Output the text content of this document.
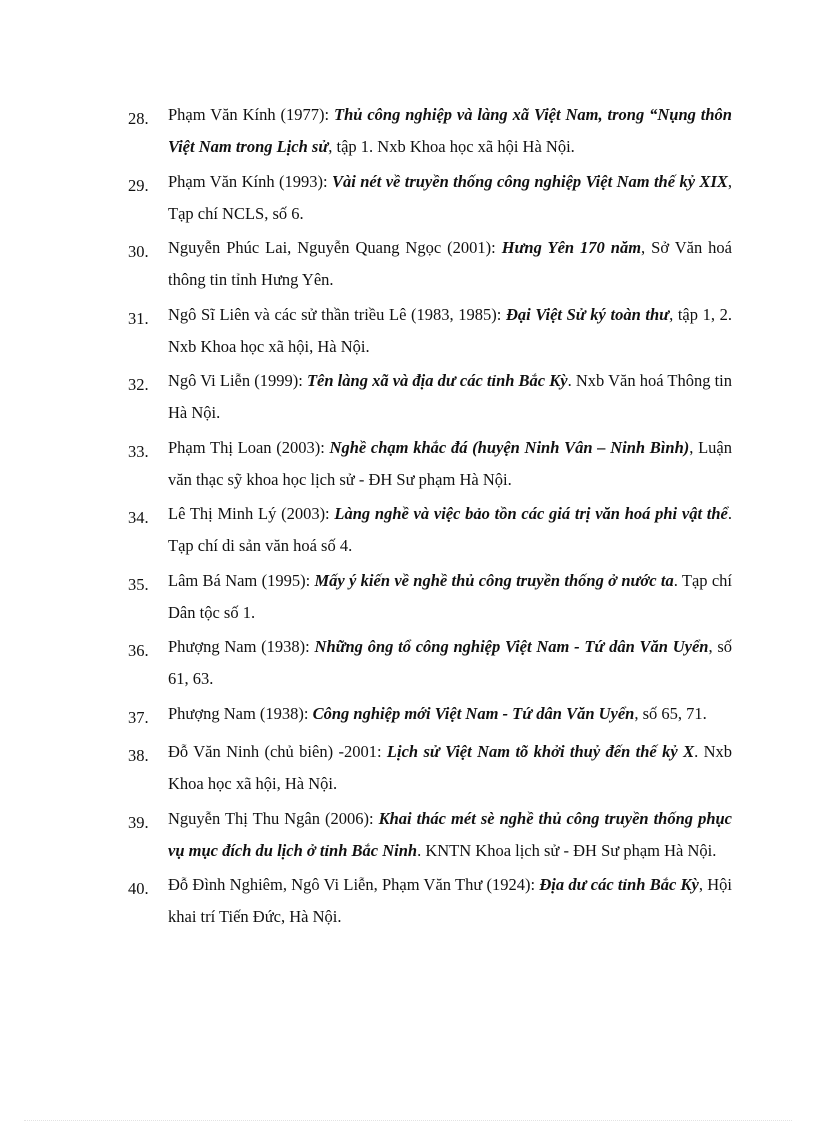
28.	Phạm Văn Kính (1977): Thủ công nghiệp và làng xã Việt Nam, trong “Nụng thôn Việt Nam trong Lịch sử, tập 1. Nxb Khoa học xã hội Hà Nội.
29.	Phạm Văn Kính (1993): Vài nét về truyền thống công nghiệp Việt Nam thế kỷ XIX, Tạp chí NCLS, số 6.
30.	Nguyễn Phúc Lai, Nguyễn Quang Ngọc (2001): Hưng Yên 170 năm, Sở Văn hoá thông tin tỉnh Hưng Yên.
31.	Ngô Sĩ Liên và các sử thần triều Lê (1983, 1985): Đại Việt Sử ký toàn thư, tập 1, 2. Nxb Khoa học xã hội, Hà Nội.
32.	Ngô Vi Liễn (1999): Tên làng xã và địa dư các tỉnh Bắc Kỳ. Nxb Văn hoá Thông tin Hà Nội.
33.	Phạm Thị Loan (2003): Nghề chạm khắc đá (huyện Ninh Vân – Ninh Bình), Luận văn thạc sỹ khoa học lịch sử - ĐH Sư phạm Hà Nội.
34.	Lê Thị Minh Lý (2003): Làng nghề và việc bảo tồn các giá trị văn hoá phi vật thể. Tạp chí di sản văn hoá số 4.
35.	Lâm Bá Nam (1995): Mấy ý kiến về nghề thủ công truyền thống ở nước ta. Tạp chí Dân tộc số 1.
36.	Phượng Nam (1938): Những ông tổ công nghiệp Việt Nam - Tứ dân Văn Uyển, số 61, 63.
37.	Phượng Nam (1938): Công nghiệp mới Việt Nam - Tứ dân Văn Uyển, số 65, 71.
38.	Đỗ Văn Ninh (chủ biên) -2001: Lịch sử Việt Nam tõ khởi thuỷ đến thế kỷ X. Nxb Khoa học xã hội, Hà Nội.
39.	Nguyễn Thị Thu Ngân (2006): Khai thác mét sè nghề thủ công truyền thống phục vụ mục đích du lịch ở tỉnh Bắc Ninh. KNTN Khoa lịch sử - ĐH Sư phạm Hà Nội.
40.	Đỗ Đình Nghiêm, Ngô Vi Liễn, Phạm Văn Thư (1924): Địa dư các tỉnh Bắc Kỳ, Hội khai trí Tiến Đức, Hà Nội.
